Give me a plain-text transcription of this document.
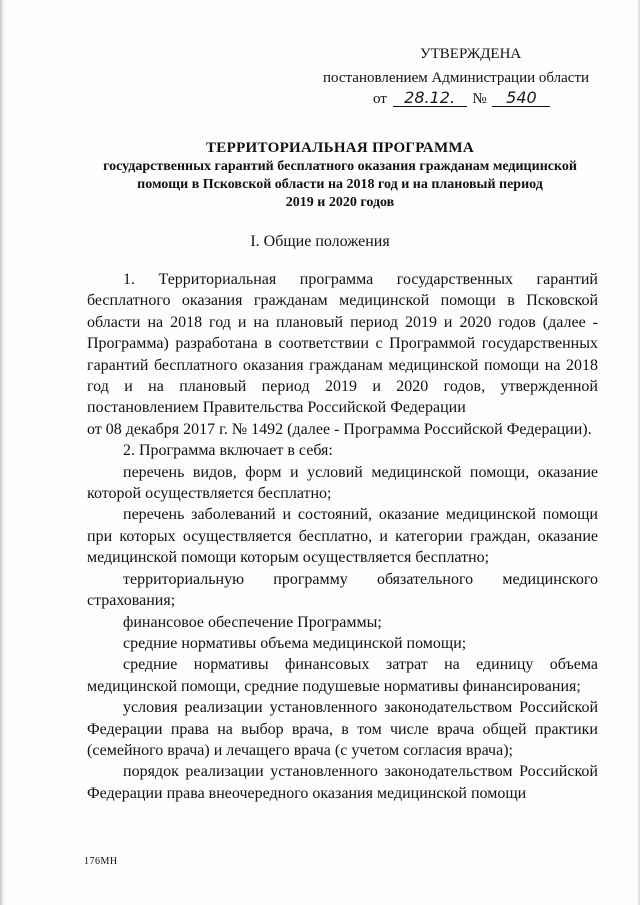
УТВЕРЖДЕНА
постановлением Администрации области
от 28.12. № 540
ТЕРРИТОРИАЛЬНАЯ ПРОГРАММА
государственных гарантий бесплатного оказания гражданам медицинской
помощи в Псковской области на 2018 год и на плановый период
2019 и 2020 годов
I. Общие положения

1. Территориальная программа государственных гарантий бесплатного оказания гражданам медицинской помощи в Псковской области на 2018 год и на плановый период 2019 и 2020 годов (далее - Программа) разработана в соответствии с Программой государственных гарантий бесплатного оказания гражданам медицинской помощи на 2018 год и на плановый период 2019 и 2020 годов, утвержденной постановлением Правительства Российской Федерации

от 08 декабря 2017 г. № 1492 (далее - Программа Российской Федерации).

2. Программа включает в себя:

перечень видов, форм и условий медицинской помощи, оказание которой осуществляется бесплатно;

перечень заболеваний и состояний, оказание медицинской помощи при которых осуществляется бесплатно, и категории граждан, оказание медицинской помощи которым осуществляется бесплатно;

территориальную программу обязательного медицинского страхования;

финансовое обеспечение Программы;

средние нормативы объема медицинской помощи;

средние нормативы финансовых затрат на единицу объема медицинской помощи, средние подушевые нормативы финансирования;

условия реализации установленного законодательством Российской Федерации права на выбор врача, в том числе врача общей практики (семейного врача) и лечащего врача (с учетом согласия врача);

порядок реализации установленного законодательством Российской Федерации права внеочередного оказания медицинской помощи

176МН
